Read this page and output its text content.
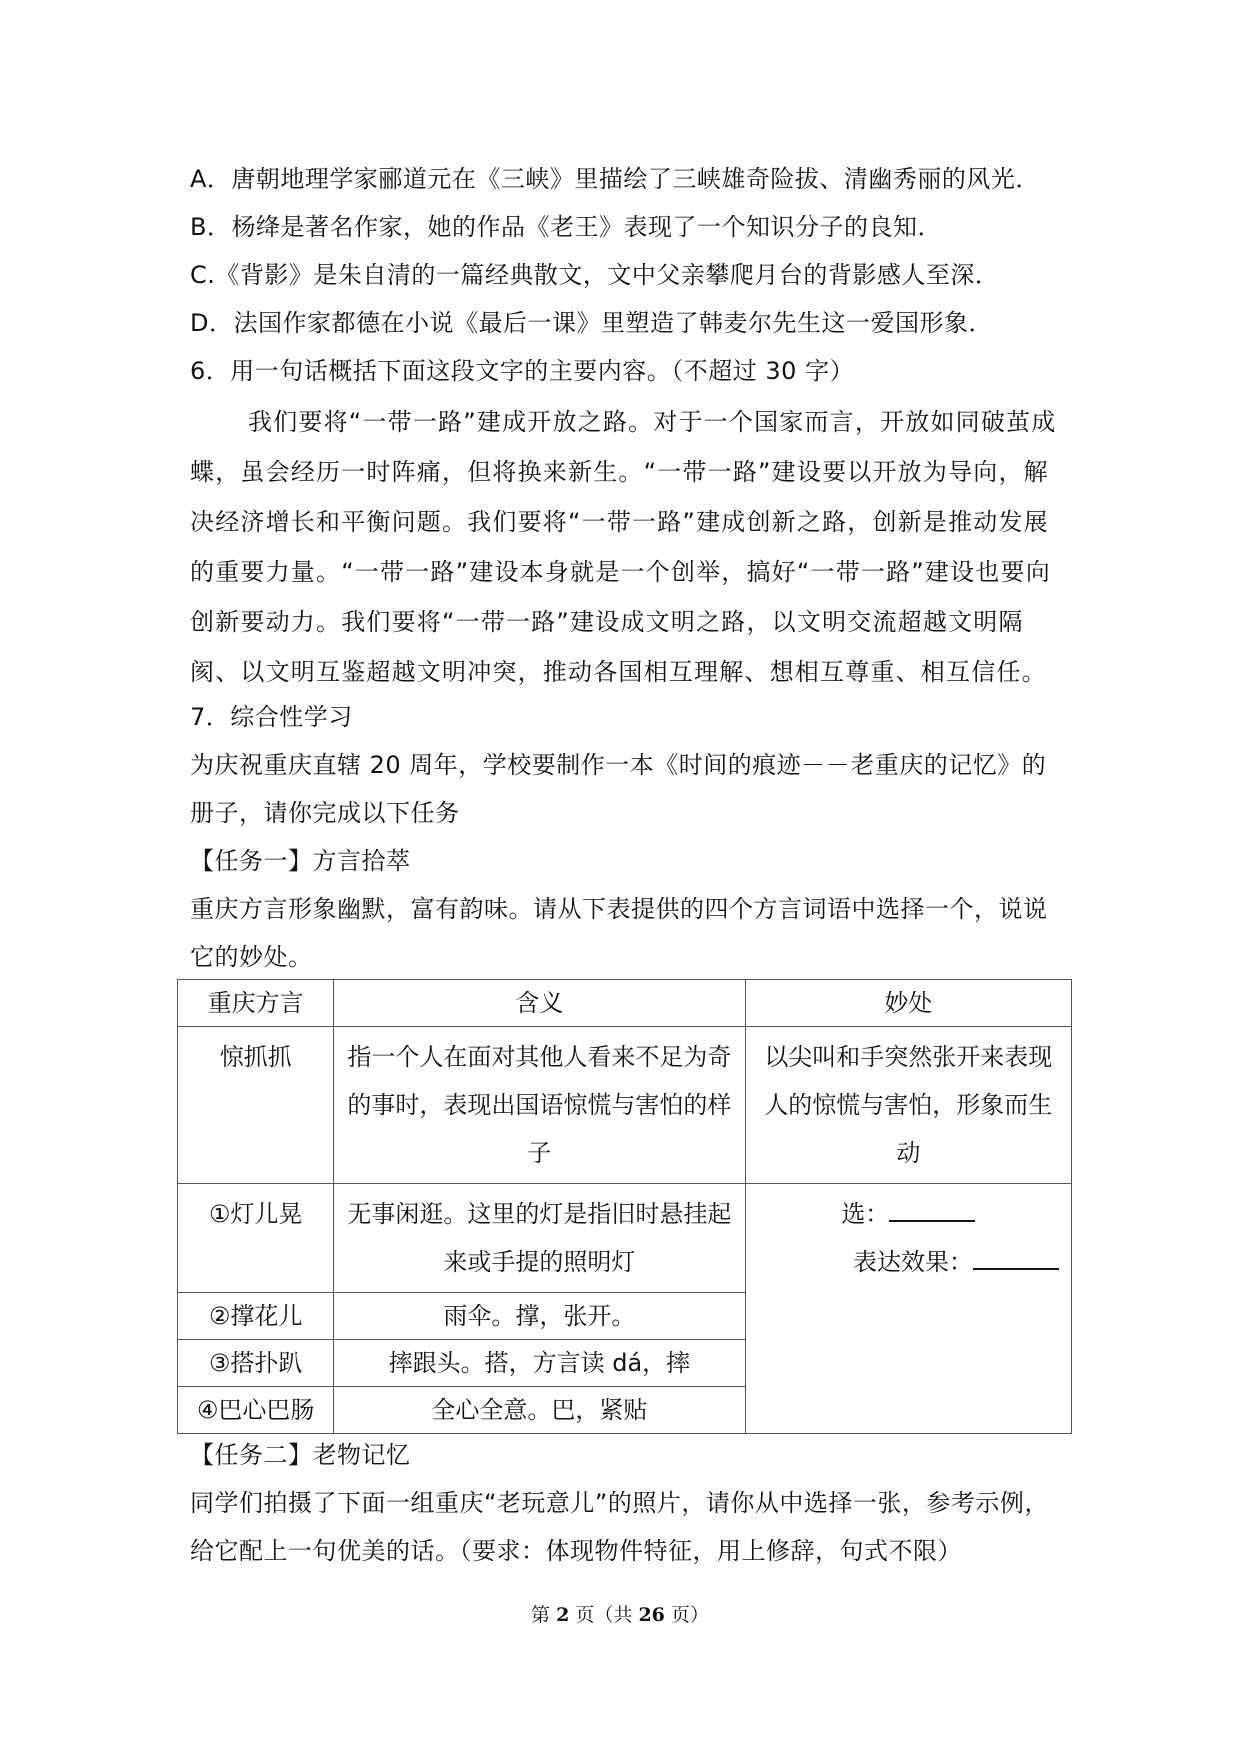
A．唐朝地理学家郦道元在《三峡》里描绘了三峡雄奇险拔、清幽秀丽的风光．
B．杨绛是著名作家，她的作品《老王》表现了一个知识分子的良知．
C.《背影》是朱自清的一篇经典散文，文中父亲攀爬月台的背影感人至深．
D．法国作家都德在小说《最后一课》里塑造了韩麦尔先生这一爱国形象．
6．用一句话概括下面这段文字的主要内容。（不超过 30 字）
我们要将“一带一路”建成开放之路。对于一个国家而言，开放如同破茧成蝶，虽会经历一时阵痛，但将换来新生。“一带一路”建设要以开放为导向，解决经济增长和平衡问题。我们要将“一带一路”建成创新之路，创新是推动发展的重要力量。“一带一路”建设本身就是一个创举，搞好“一带一路”建设也要向创新要动力。我们要将“一带一路”建设成文明之路，以文明交流超越文明隔阂、以文明互鉴超越文明冲突，推动各国相互理解、想相互尊重、相互信任。
7．综合性学习
为庆祝重庆直辖 20 周年，学校要制作一本《时间的痕迹－－老重庆的记忆》的
册子，请你完成以下任务
【任务一】方言拾萃
重庆方言形象幽默，富有韵味。请从下表提供的四个方言词语中选择一个，说说
它的妙处。
重庆方言	含义	妙处

惊抓抓	指一个人在面对其他人看来不足为奇的事时，表现出国语惊慌与害怕的样子	以尖叫和手突然张开来表现人的惊慌与害怕，形象而生动

①灯儿晃	无事闲逛。这里的灯是指旧时悬挂起来或手提的照明灯	选：
表达效果：

②撑花儿	雨伞。撑，张开。	

③搭扑趴	摔跟头。搭，方言读 dá，摔	

④巴心巴肠	全心全意。巴，紧贴	
【任务二】老物记忆
同学们拍摄了下面一组重庆“老玩意儿”的照片，请你从中选择一张，参考示例，
给它配上一句优美的话。（要求：体现物件特征，用上修辞，句式不限）
第 2 页（共 26 页）
